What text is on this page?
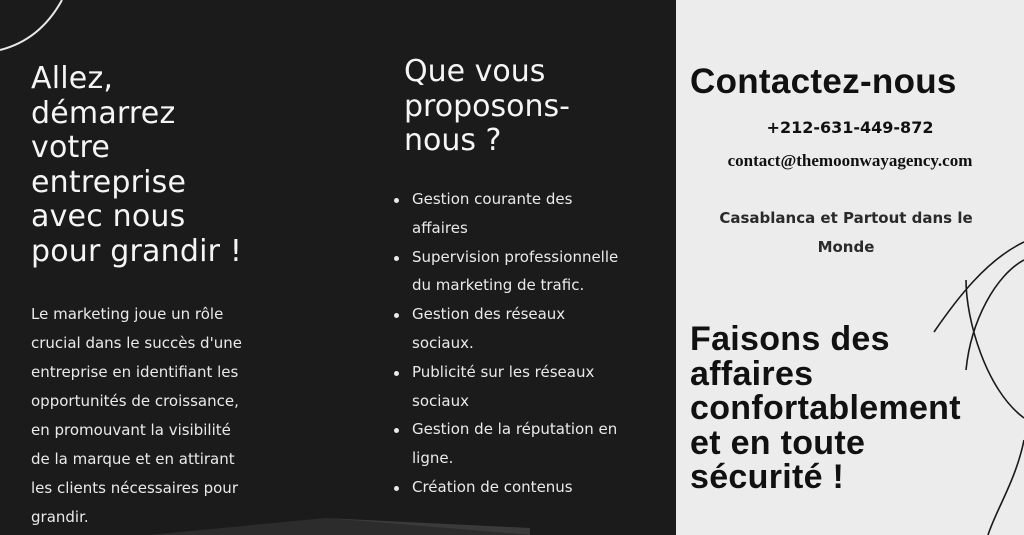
Allez,
démarrez
votre
entreprise
avec nous
pour grandir !

Le marketing joue un rôle
crucial dans le succès d'une
entreprise en identifiant les
opportunités de croissance,
en promouvant la visibilité
de la marque et en attirant
les clients nécessaires pour
grandir.

Que vous
proposons-
nous ?
Gestion courante des
affaires
Supervision professionnelle
du marketing de trafic.
Gestion des réseaux
sociaux.
Publicité sur les réseaux
sociaux
Gestion de la réputation en
ligne.
Création de contenus
Contactez-nous
+212-631-449-872
contact@themoonwayagency.com
Casablanca et Partout dans le
Monde
Faisons des
affaires
confortablement
et en toute
sécurité !
